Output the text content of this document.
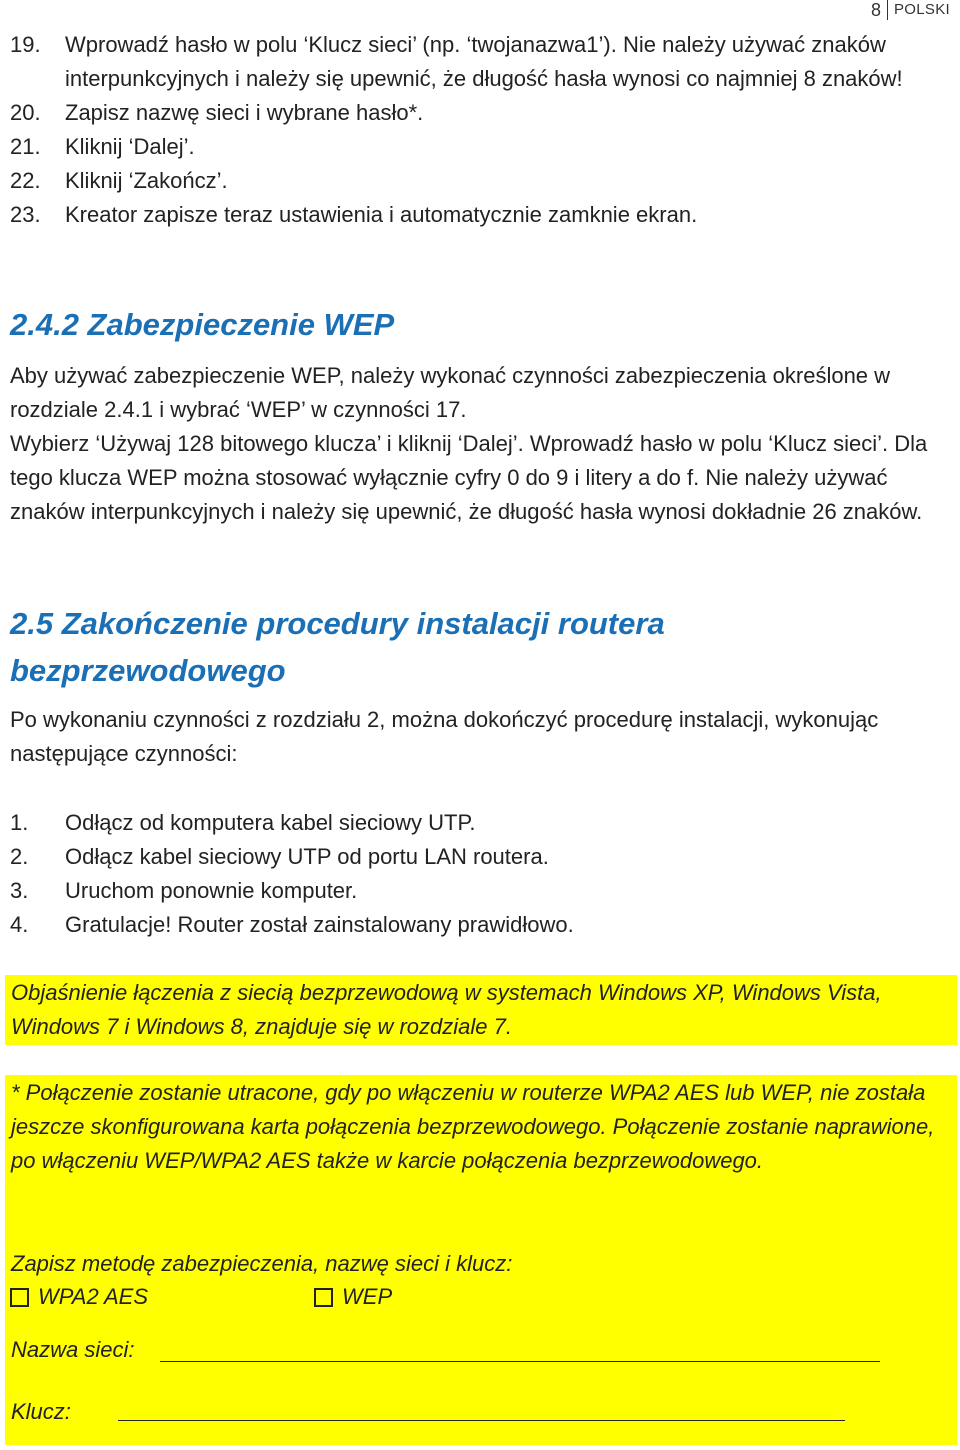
8 POLSKI
19.	Wprowadź hasło w polu ‘Klucz sieci’ (np. ‘twojanazwa1’). Nie należy używać znaków interpunkcyjnych i należy się upewnić, że długość hasła wynosi co najmniej 8 znaków!
20.	Zapisz nazwę sieci i wybrane hasło*.
21.	Kliknij ‘Dalej’.
22.	Kliknij ‘Zakończ’.
23.	Kreator zapisze teraz ustawienia i automatycznie zamknie ekran.
2.4.2 Zabezpieczenie WEP
Aby używać zabezpieczenie WEP, należy wykonać czynności zabezpieczenia określone w rozdziale 2.4.1 i wybrać ‘WEP’ w czynności 17.
Wybierz ‘Używaj 128 bitowego klucza’ i kliknij ‘Dalej’. Wprowadź hasło w polu ‘Klucz sieci’. Dla tego klucza WEP można stosować wyłącznie cyfry 0 do 9 i litery a do f. Nie należy używać znaków interpunkcyjnych i należy się upewnić, że długość hasła wynosi dokładnie 26 znaków.
2.5 Zakończenie procedury instalacji routera bezprzewodowego
Po wykonaniu czynności z rozdziału 2, można dokończyć procedurę instalacji, wykonując następujące czynności:
1.	Odłącz od komputera kabel sieciowy UTP.
2.	Odłącz kabel sieciowy UTP od portu LAN routera.
3.	Uruchom ponownie komputer.
4.	Gratulacje! Router został zainstalowany prawidłowo.
Objaśnienie łączenia z siecią bezprzewodową w systemach Windows XP, Windows Vista, Windows 7 i Windows 8, znajduje się w rozdziale 7.
* Połączenie zostanie utracone, gdy po włączeniu w routerze WPA2 AES lub WEP, nie została jeszcze skonfigurowana karta połączenia bezprzewodowego. Połączenie zostanie naprawione, po włączeniu WEP/WPA2 AES także w karcie połączenia bezprzewodowego.
Zapisz metodę zabezpieczenia, nazwę sieci i klucz:
WPA2 AES	WEP
Nazwa sieci:
Klucz:
